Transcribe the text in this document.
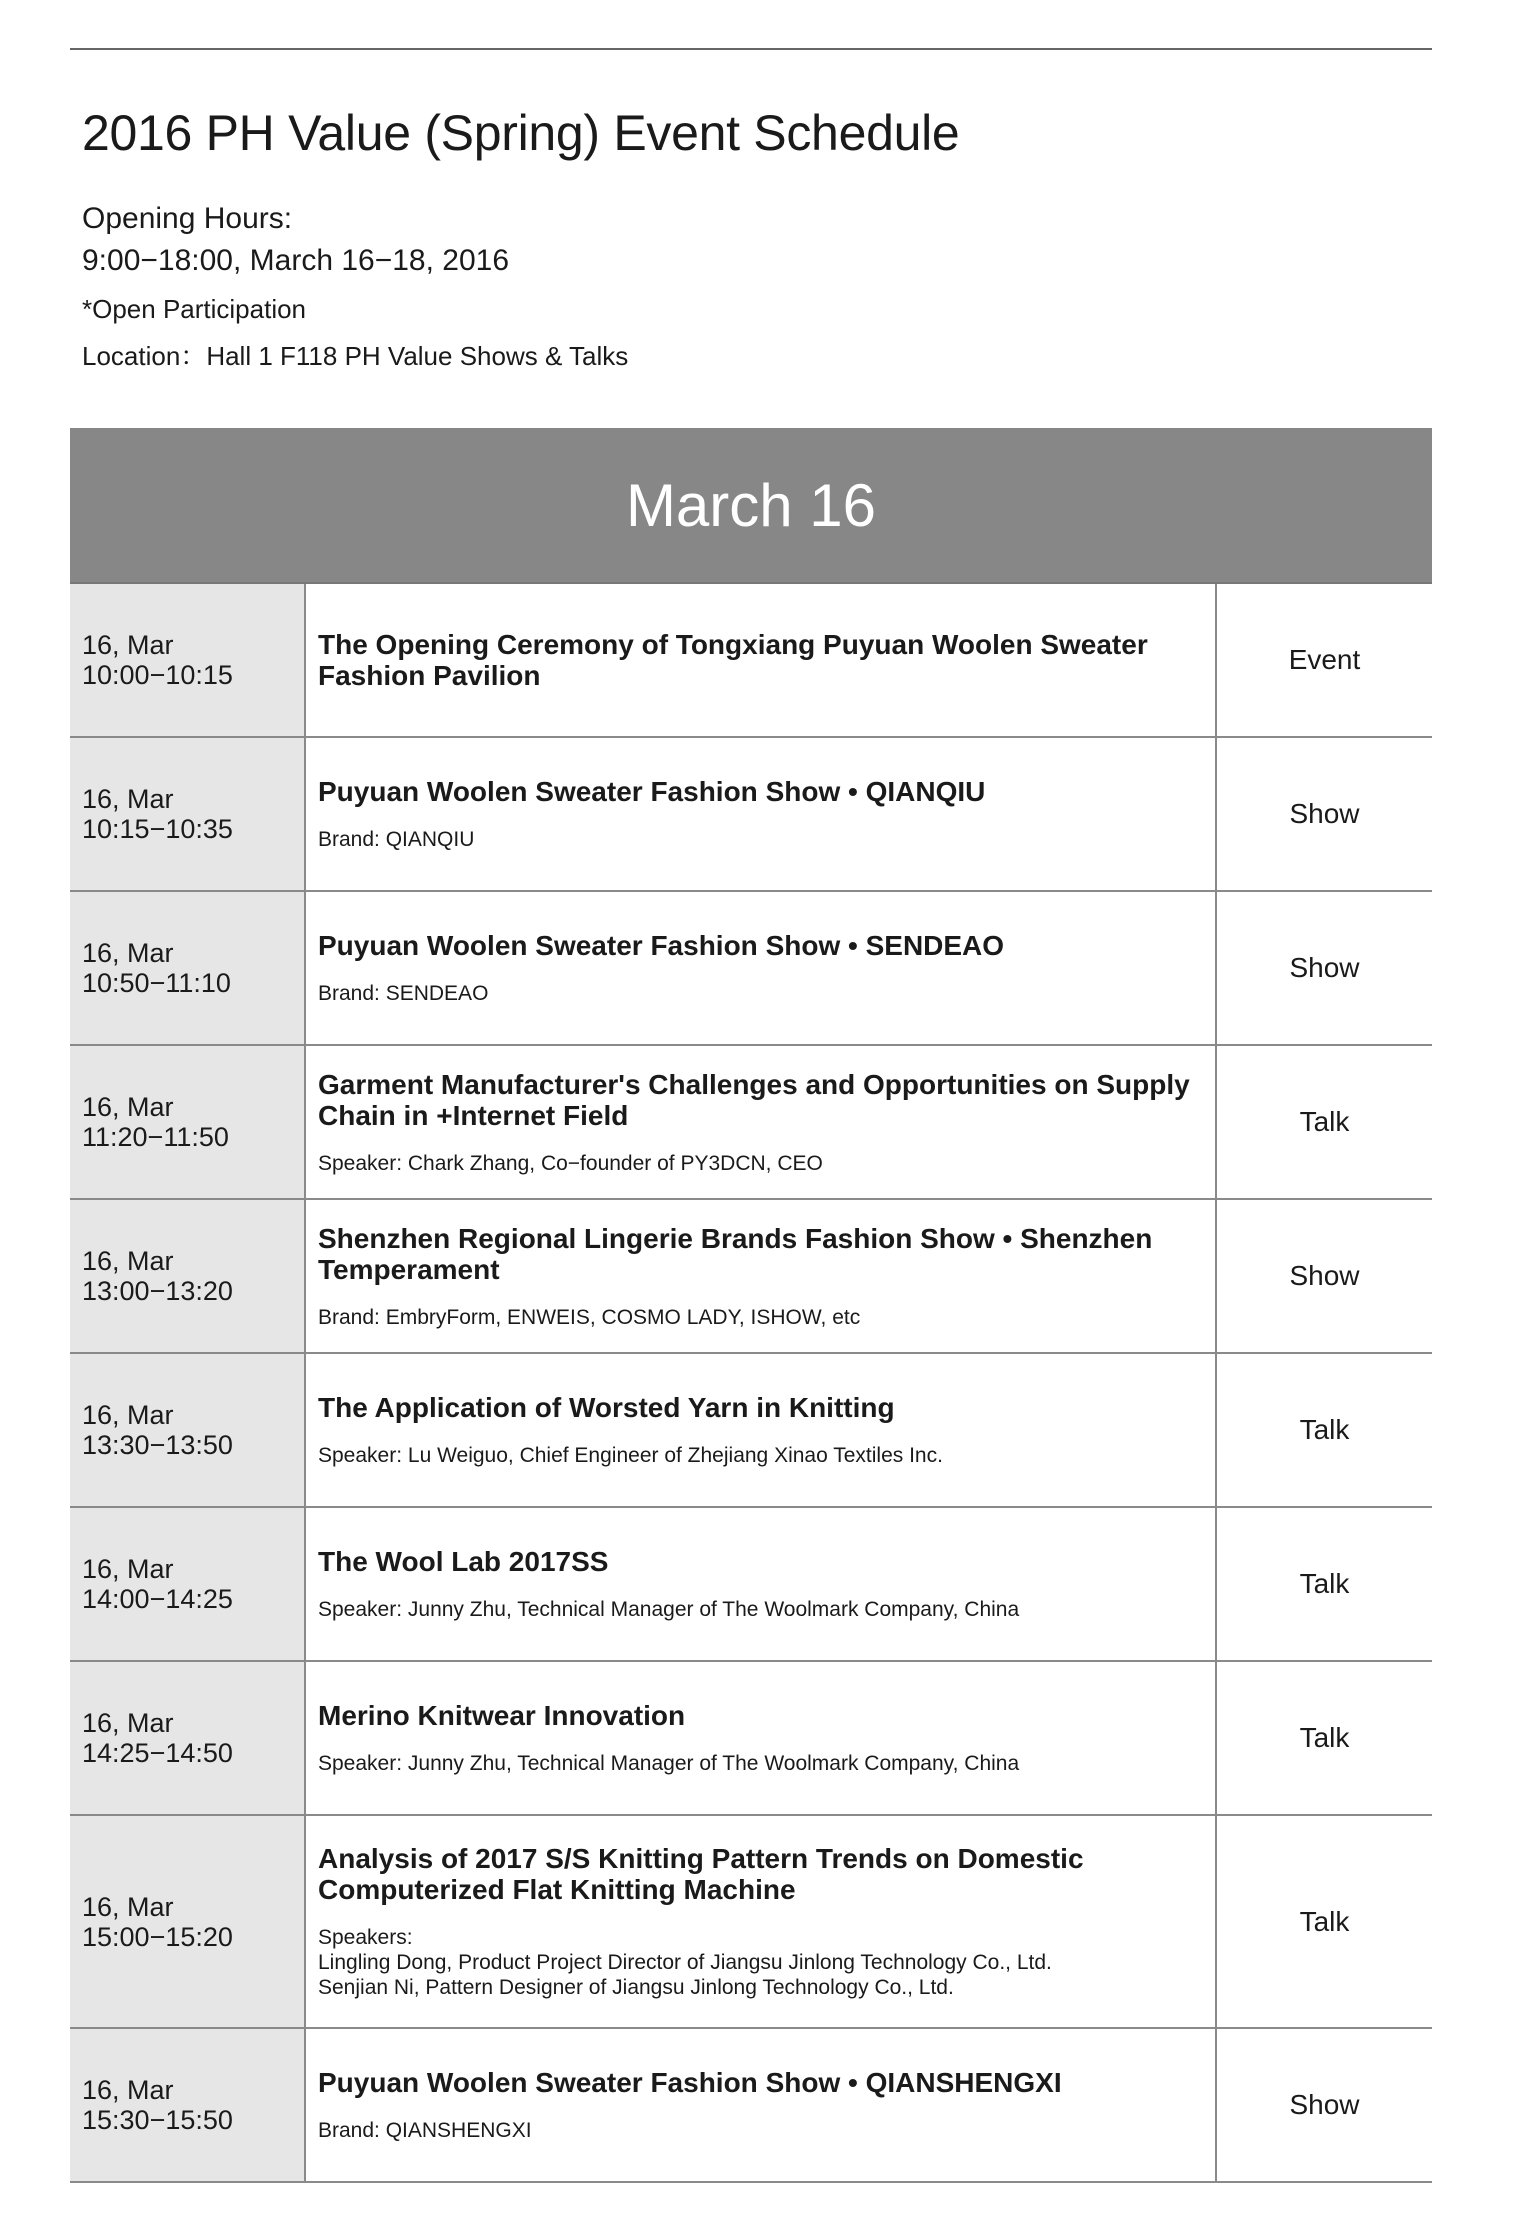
2016 PH Value (Spring) Event Schedule
Opening Hours:
9:00−18:00, March 16−18, 2016
*Open Participation
Location：Hall 1 F118 PH Value Shows & Talks
March 16
16, Mar
10:00−10:15
The Opening Ceremony of Tongxiang Puyuan Woolen Sweater Fashion Pavilion
Event
16, Mar
10:15−10:35
Puyuan Woolen Sweater Fashion Show • QIANQIU
Brand: QIANQIU
Show
16, Mar
10:50−11:10
Puyuan Woolen Sweater Fashion Show • SENDEAO
Brand: SENDEAO
Show
16, Mar
11:20−11:50
Garment Manufacturer's Challenges and Opportunities on Supply Chain in +Internet Field
Speaker: Chark Zhang, Co−founder of PY3DCN, CEO
Talk
16, Mar
13:00−13:20
Shenzhen Regional Lingerie Brands Fashion Show • Shenzhen Temperament
Brand: EmbryForm, ENWEIS, COSMO LADY, ISHOW, etc
Show
16, Mar
13:30−13:50
The Application of Worsted Yarn in Knitting
Speaker: Lu Weiguo, Chief Engineer of Zhejiang Xinao Textiles Inc.
Talk
16, Mar
14:00−14:25
The Wool Lab 2017SS
Speaker: Junny Zhu, Technical Manager of The Woolmark Company, China
Talk
16, Mar
14:25−14:50
Merino Knitwear Innovation
Speaker: Junny Zhu, Technical Manager of The Woolmark Company, China
Talk
16, Mar
15:00−15:20
Analysis of 2017 S/S Knitting Pattern Trends on Domestic Computerized Flat Knitting Machine
Speakers:
Lingling Dong, Product Project Director of Jiangsu Jinlong Technology Co., Ltd.
Senjian Ni, Pattern Designer of Jiangsu Jinlong Technology Co., Ltd.
Talk
16, Mar
15:30−15:50
Puyuan Woolen Sweater Fashion Show • QIANSHENGXI
Brand: QIANSHENGXI
Show
